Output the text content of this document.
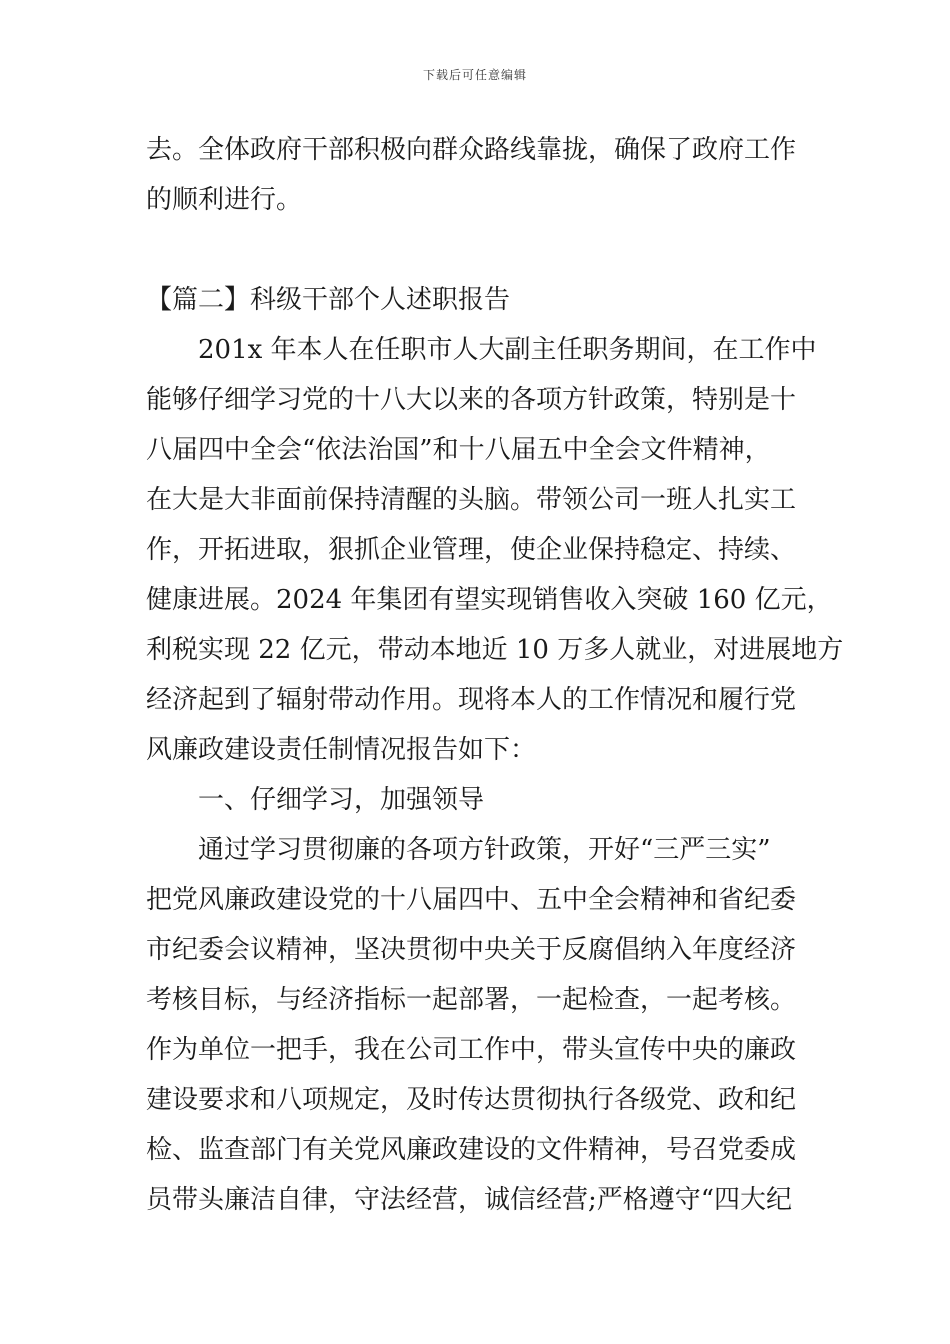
下载后可任意编辑
去。全体政府干部积极向群众路线靠拢，确保了政府工作
的顺利进行。
【篇二】科级干部个人述职报告
201x 年本人在任职市人大副主任职务期间，在工作中
能够仔细学习党的十八大以来的各项方针政策，特别是十
八届四中全会“依法治国”和十八届五中全会文件精神，
在大是大非面前保持清醒的头脑。带领公司一班人扎实工
作，开拓进取，狠抓企业管理，使企业保持稳定、持续、
健康进展。2024 年集团有望实现销售收入突破 160 亿元，
利税实现 22 亿元，带动本地近 10 万多人就业，对进展地方
经济起到了辐射带动作用。现将本人的工作情况和履行党
风廉政建设责任制情况报告如下：
一、仔细学习，加强领导
通过学习贯彻廉的各项方针政策，开好“三严三实”
把党风廉政建设党的十八届四中、五中全会精神和省纪委
市纪委会议精神，坚决贯彻中央关于反腐倡纳入年度经济
考核目标，与经济指标一起部署，一起检查，一起考核。
作为单位一把手，我在公司工作中，带头宣传中央的廉政
建设要求和八项规定，及时传达贯彻执行各级党、政和纪
检、监查部门有关党风廉政建设的文件精神，号召党委成
员带头廉洁自律，守法经营，诚信经营;严格遵守“四大纪
